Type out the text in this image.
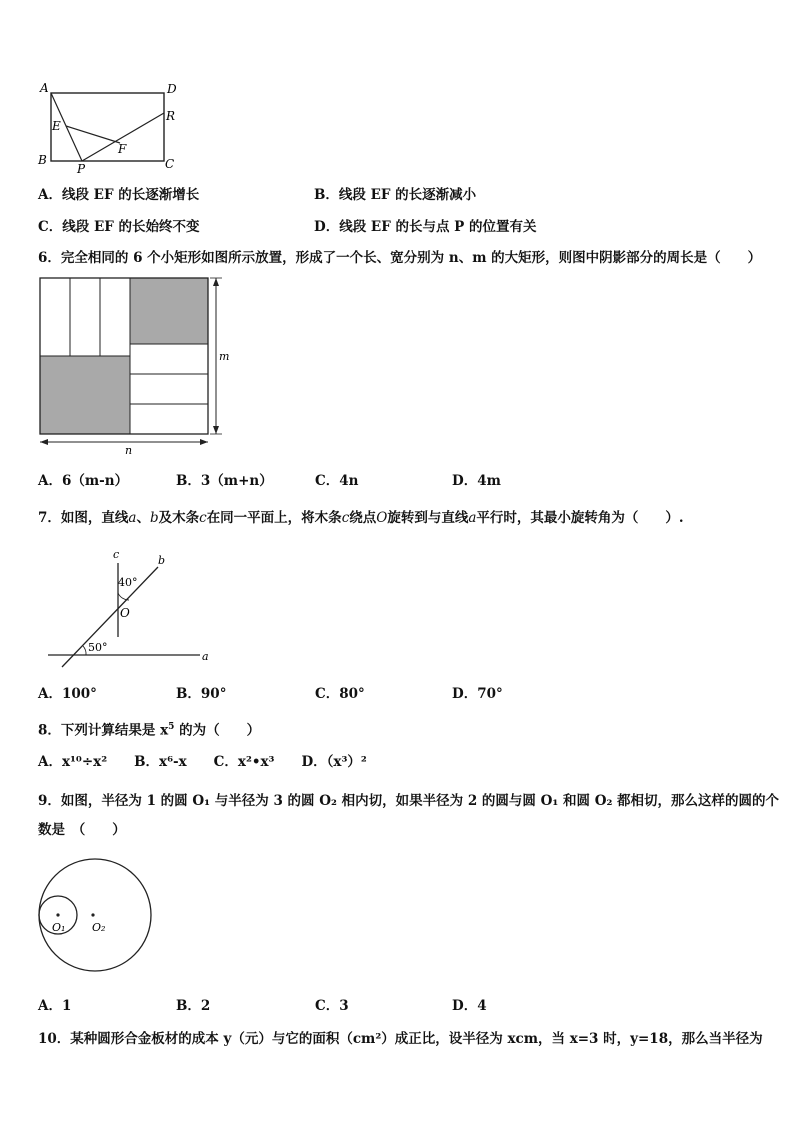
A	D
E
F
R
B
P	C
A．线段 EF 的长逐渐增长	B．线段 EF 的长逐渐减小
C．线段 EF 的长始终不变	D．线段 EF 的长与点 P 的位置有关
6．完全相同的 6 个小矩形如图所示放置，形成了一个长、宽分别为 n、m 的大矩形，则图中阴影部分的周长是（　　）
m
n
A．6（m-n）	B．3（m+n）	C．4n	D．4m
7．如图，直线a、b及木条c在同一平面上，将木条c绕点O旋转到与直线a平行时，其最小旋转角为（　　）.
c	b
40°
O
50°
a
A．100°	B．90°	C．80°	D．70°
8．下列计算结果是 $x^5$ 的为（　　）
A．x¹⁰÷x²　　B．x⁶-x　　C．x²•x³　　D．（x³）²
9．如图，半径为 1 的圆 O₁ 与半径为 3 的圆 O₂ 相内切，如果半径为 2 的圆与圆 O₁ 和圆 O₂ 都相切，那么这样的圆的个
数是　（　　）
O₁ O₂
A．1	B．2	C．3	D．4
10．某种圆形合金板材的成本 y（元）与它的面积（cm²）成正比，设半径为 xcm，当 x=3 时，y=18，那么当半径为
